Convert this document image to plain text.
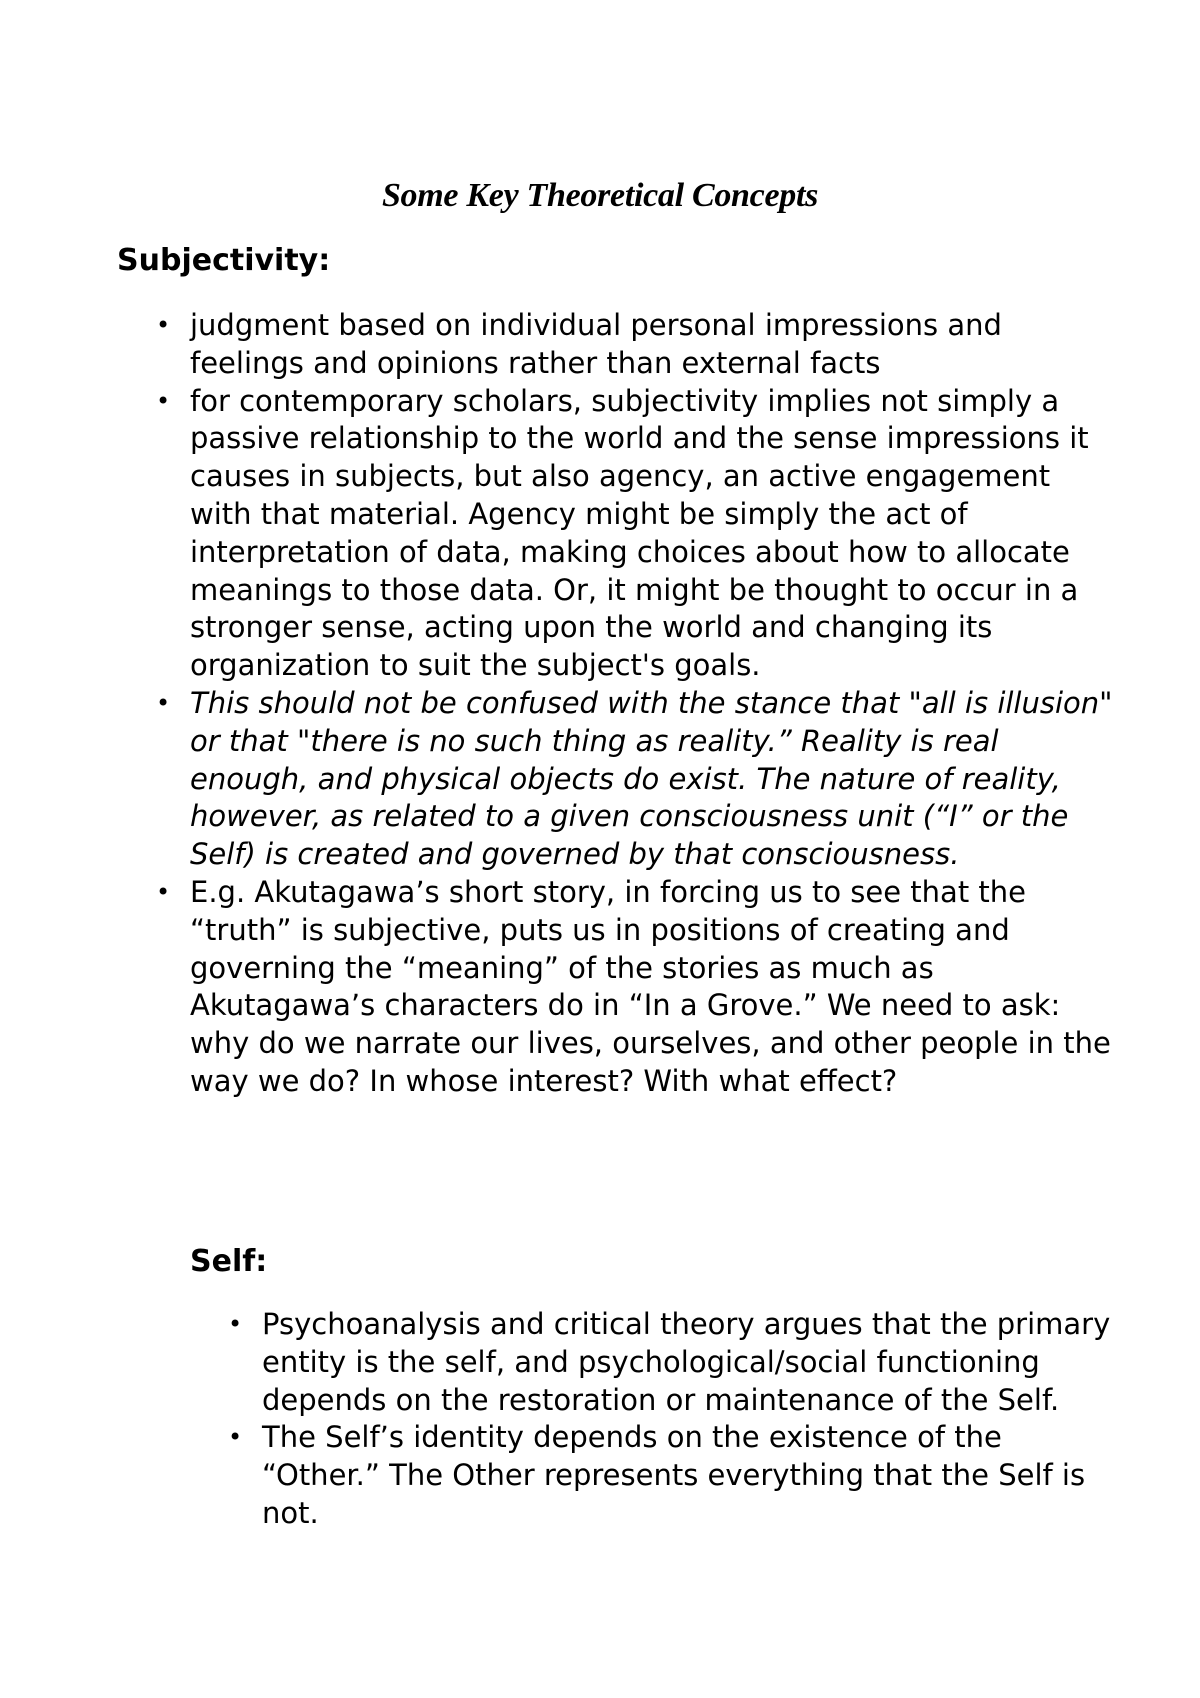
Some Key Theoretical Concepts
Subjectivity:
• judgment based on individual personal impressions and feelings and opinions rather than external facts
• for contemporary scholars, subjectivity implies not simply a passive relationship to the world and the sense impressions it causes in subjects, but also agency, an active engagement with that material. Agency might be simply the act of interpretation of data, making choices about how to allocate meanings to those data. Or, it might be thought to occur in a stronger sense, acting upon the world and changing its organization to suit the subject's goals.
• This should not be confused with the stance that "all is illusion" or that "there is no such thing as reality.” Reality is real enough, and physical objects do exist. The nature of reality, however, as related to a given consciousness unit (“I” or the Self) is created and governed by that consciousness.
• E.g. Akutagawa’s short story, in forcing us to see that the “truth” is subjective, puts us in positions of creating and governing the “meaning” of the stories as much as Akutagawa’s characters do in “In a Grove.” We need to ask: why do we narrate our lives, ourselves, and other people in the way we do? In whose interest? With what effect?
Self:
• Psychoanalysis and critical theory argues that the primary entity is the self, and psychological/social functioning depends on the restoration or maintenance of the Self.
• The Self’s identity depends on the existence of the “Other.” The Other represents everything that the Self is not.
